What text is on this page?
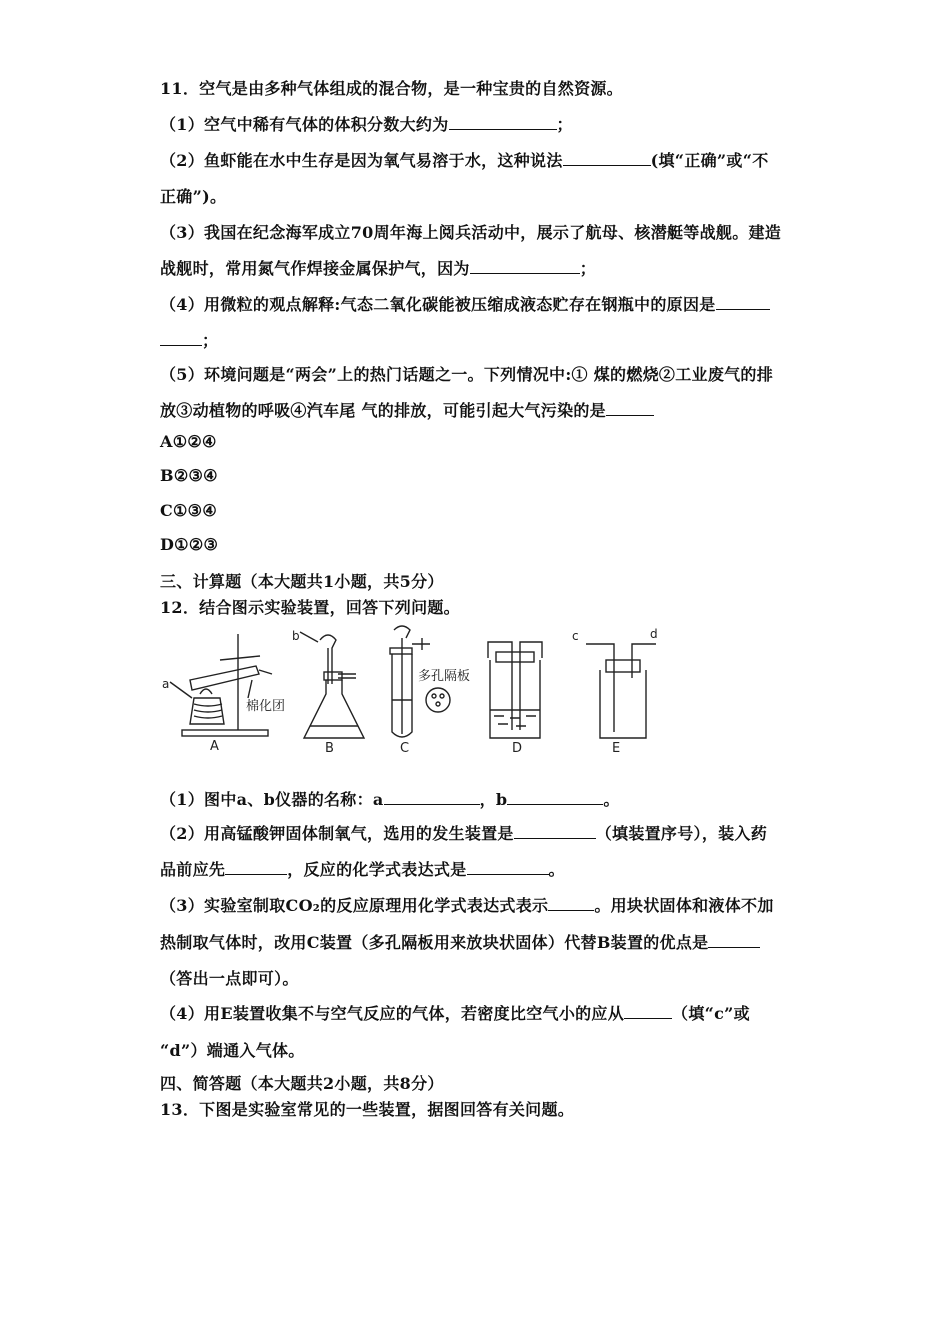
11．空气是由多种气体组成的混合物，是一种宝贵的自然资源。
（1）空气中稀有气体的体积分数大约为	；
（2）鱼虾能在水中生存是因为氧气易溶于水，这种说法	(填“正确”或“不
正确”)。
（3）我国在纪念海军成立70周年海上阅兵活动中，展示了航母、核潜艇等战舰。建造
战舰时，常用氮气作焊接金属保护气，因为	；
（4）用微粒的观点解释:气态二氧化碳能被压缩成液态贮存在钢瓶中的原因是
；
（5）环境问题是“两会”上的热门话题之一。下列情况中:① 煤的燃烧②工业废气的排
放③动植物的呼吸④汽车尾 气的排放，可能引起大气污染的是
A①②④
B②③④
C①③④
D①②③
三、计算题（本大题共1小题，共5分）
12．结合图示实验装置，回答下列问题。
a
棉化团
A
b
B
多孔隔板
C	D
c	d
E
（1）图中a、b仪器的名称：a	，b	。
（2）用高锰酸钾固体制氧气，选用的发生装置是	（填装置序号），装入药
品前应先	，反应的化学式表达式是	。
（3）实验室制取CO₂的反应原理用化学式表达式表示	。用块状固体和液体不加
热制取气体时，改用C装置（多孔隔板用来放块状固体）代替B装置的优点是
（答出一点即可）。
（4）用E装置收集不与空气反应的气体，若密度比空气小的应从	（填“c”或
“d”）端通入气体。
四、简答题（本大题共2小题，共8分）
13．下图是实验室常见的一些装置，据图回答有关问题。
